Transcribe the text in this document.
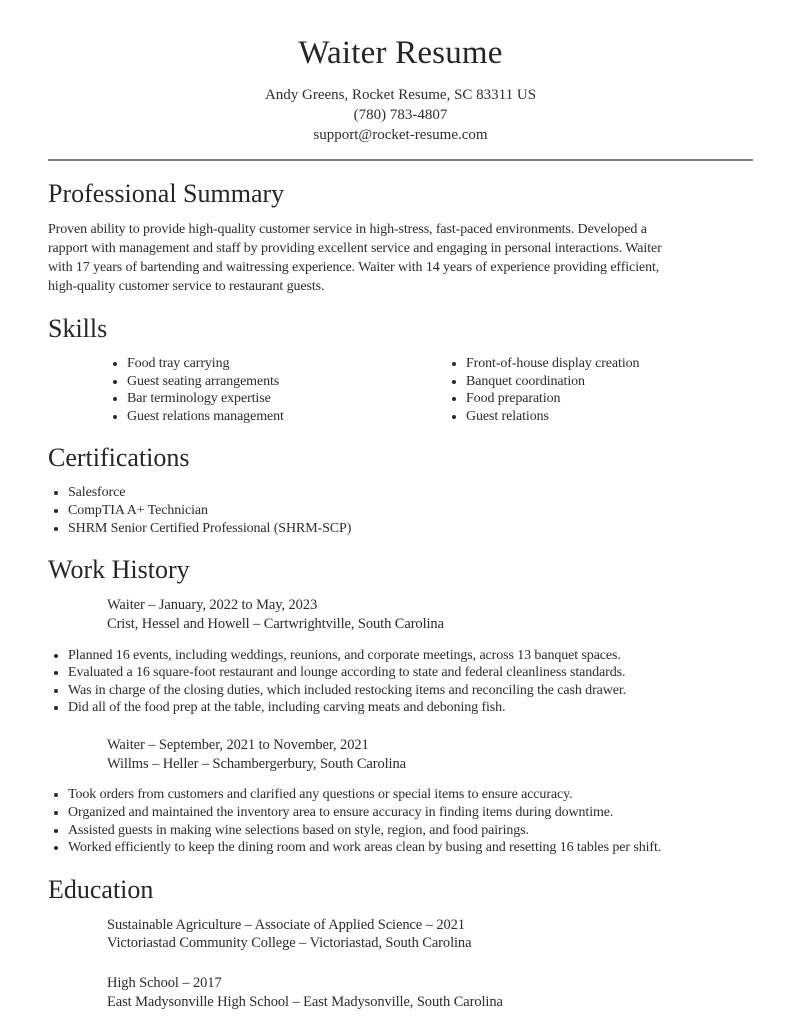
Waiter Resume
Andy Greens, Rocket Resume, SC 83311 US
(780) 783-4807
support@rocket-resume.com
Professional Summary

Proven ability to provide high-quality customer service in high-stress, fast-paced environments. Developed a rapport with management and staff by providing excellent service and engaging in personal interactions. Waiter with 17 years of bartending and waitressing experience. Waiter with 14 years of experience providing efficient, high-quality customer service to restaurant guests.

Skills
• Food tray carrying
• Guest seating arrangements
• Bar terminology expertise
• Guest relations management
• Front-of-house display creation
• Banquet coordination
• Food preparation
• Guest relations
Certifications
• Salesforce
• CompTIA A+ Technician
• SHRM Senior Certified Professional (SHRM-SCP)
Work History
Waiter – January, 2022 to May, 2023
Crist, Hessel and Howell – Cartwrightville, South Carolina
• Planned 16 events, including weddings, reunions, and corporate meetings, across 13 banquet spaces.
• Evaluated a 16 square-foot restaurant and lounge according to state and federal cleanliness standards.
• Was in charge of the closing duties, which included restocking items and reconciling the cash drawer.
• Did all of the food prep at the table, including carving meats and deboning fish.
Waiter – September, 2021 to November, 2021
Willms – Heller – Schambergerbury, South Carolina
• Took orders from customers and clarified any questions or special items to ensure accuracy.
• Organized and maintained the inventory area to ensure accuracy in finding items during downtime.
• Assisted guests in making wine selections based on style, region, and food pairings.
• Worked efficiently to keep the dining room and work areas clean by busing and resetting 16 tables per shift.
Education
Sustainable Agriculture – Associate of Applied Science – 2021
Victoriastad Community College – Victoriastad, South Carolina
High School – 2017
East Madysonville High School – East Madysonville, South Carolina
